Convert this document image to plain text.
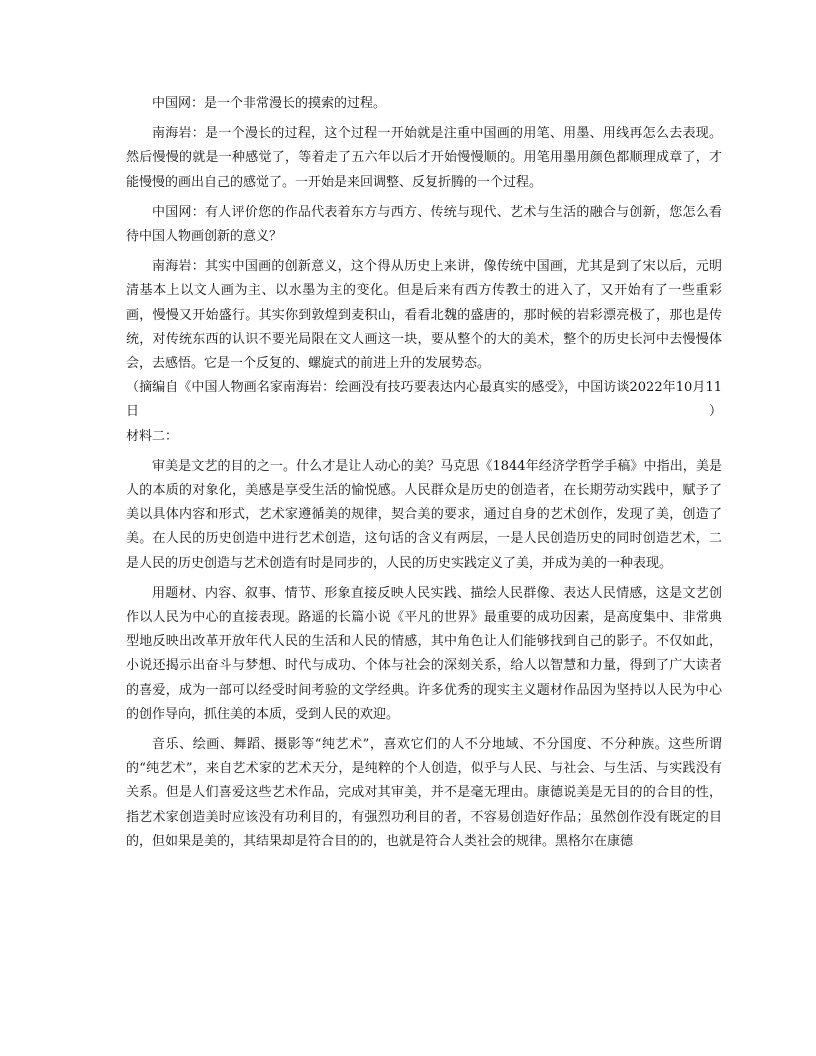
中国网：是一个非常漫长的摸索的过程。

南海岩：是一个漫长的过程，这个过程一开始就是注重中国画的用笔、用墨、用线再怎么去表现。然后慢慢的就是一种感觉了，等着走了五六年以后才开始慢慢顺的。用笔用墨用颜色都顺理成章了，才能慢慢的画出自己的感觉了。一开始是来回调整、反复折腾的一个过程。

中国网：有人评价您的作品代表着东方与西方、传统与现代、艺术与生活的融合与创新，您怎么看待中国人物画创新的意义？

南海岩：其实中国画的创新意义，这个得从历史上来讲，像传统中国画，尤其是到了宋以后，元明清基本上以文人画为主、以水墨为主的变化。但是后来有西方传教士的进入了，又开始有了一些重彩画，慢慢又开始盛行。其实你到敦煌到麦积山，看看北魏的盛唐的，那时候的岩彩漂亮极了，那也是传统，对传统东西的认识不要光局限在文人画这一块，要从整个的大的美术，整个的历史长河中去慢慢体会，去感悟。它是一个反复的、螺旋式的前进上升的发展势态。

（摘编自《中国人物画名家南海岩：绘画没有技巧要表达内心最真实的感受》，中国访谈2022年10月11日）

材料二：

审美是文艺的目的之一。什么才是让人动心的美？马克思《1844年经济学哲学手稿》中指出，美是人的本质的对象化，美感是享受生活的愉悦感。人民群众是历史的创造者，在长期劳动实践中，赋予了美以具体内容和形式，艺术家遵循美的规律，契合美的要求，通过自身的艺术创作，发现了美，创造了美。在人民的历史创造中进行艺术创造，这句话的含义有两层，一是人民创造历史的同时创造艺术，二是人民的历史创造与艺术创造有时是同步的，人民的历史实践定义了美，并成为美的一种表现。

用题材、内容、叙事、情节、形象直接反映人民实践、描绘人民群像、表达人民情感，这是文艺创作以人民为中心的直接表现。路遥的长篇小说《平凡的世界》最重要的成功因素，是高度集中、非常典型地反映出改革开放年代人民的生活和人民的情感，其中角色让人们能够找到自己的影子。不仅如此，小说还揭示出奋斗与梦想、时代与成功、个体与社会的深刻关系，给人以智慧和力量，得到了广大读者的喜爱，成为一部可以经受时间考验的文学经典。许多优秀的现实主义题材作品因为坚持以人民为中心的创作导向，抓住美的本质，受到人民的欢迎。

音乐、绘画、舞蹈、摄影等“纯艺术”，喜欢它们的人不分地域、不分国度、不分种族。这些所谓的“纯艺术”，来自艺术家的艺术天分，是纯粹的个人创造，似乎与人民、与社会、与生活、与实践没有关系。但是人们喜爱这些艺术作品，完成对其审美，并不是毫无理由。康德说美是无目的的合目的性，指艺术家创造美时应该没有功利目的，有强烈功利目的者，不容易创造好作品；虽然创作没有既定的目的，但如果是美的，其结果却是符合目的的，也就是符合人类社会的规律。黑格尔在康德
